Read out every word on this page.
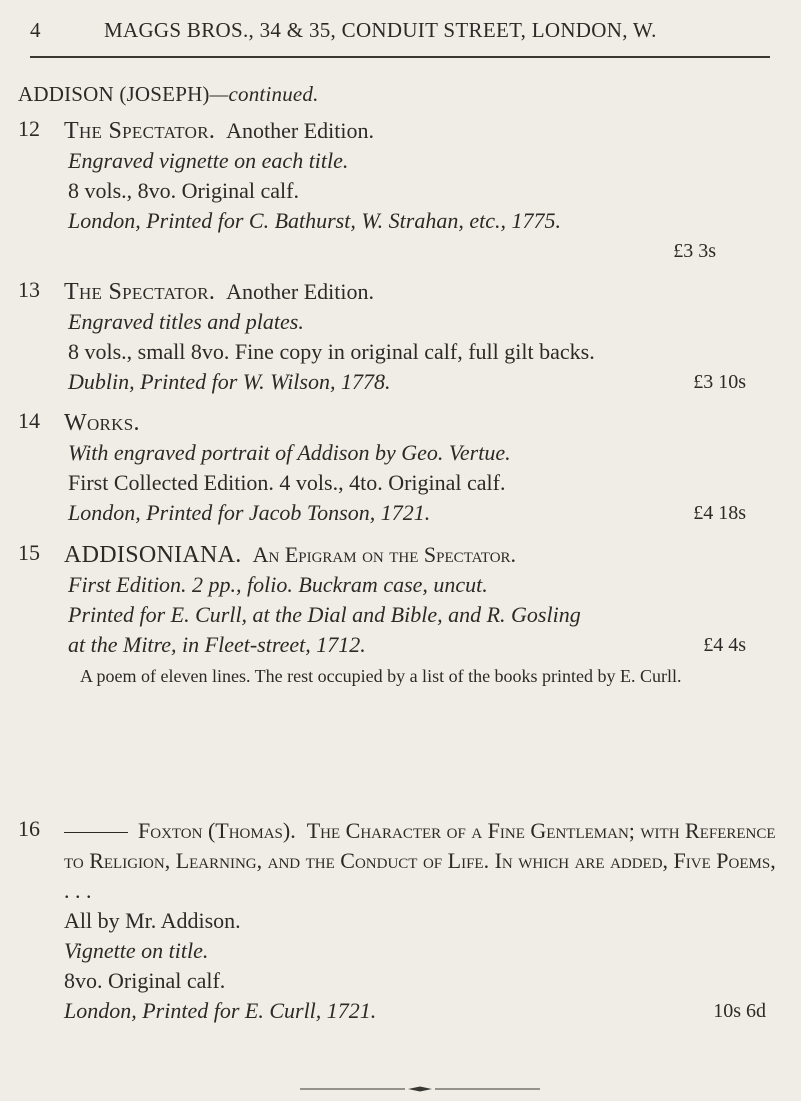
4	MAGGS BROS., 34 & 35, CONDUIT STREET, LONDON, W.
ADDISON (JOSEPH)—continued.
12 The Spectator. Another Edition.
Engraved vignette on each title.
8 vols., 8vo. Original calf.
London, Printed for C. Bathurst, W. Strahan, etc., 1775.
£3 3s

13 The Spectator. Another Edition.
Engraved titles and plates.
8 vols., small 8vo. Fine copy in original calf, full gilt backs.
Dublin, Printed for W. Wilson, 1778.	£3 10s
14 Works.
With engraved portrait of Addison by Geo. Vertue.
First Collected Edition. 4 vols., 4to. Original calf.
London, Printed for Jacob Tonson, 1721.	£4 18s
15 ADDISONIANA. An Epigram on the Spectator.
First Edition. 2 pp., folio. Buckram case, uncut.
Printed for E. Curll, at the Dial and Bible, and R. Gosling
at the Mitre, in Fleet-street, 1712.	£4 4s
A poem of eleven lines. The rest occupied by a list of the books printed by E. Curll.
16	Foxton (Thomas). The Character of a Fine Gentleman; with Reference to Religion, Learning, and the Conduct of Life. In which are added, Five Poems, . . .
All by Mr. Addison.
Vignette on title.
8vo. Original calf.
London, Printed for E. Curll, 1721.	10s 6d
